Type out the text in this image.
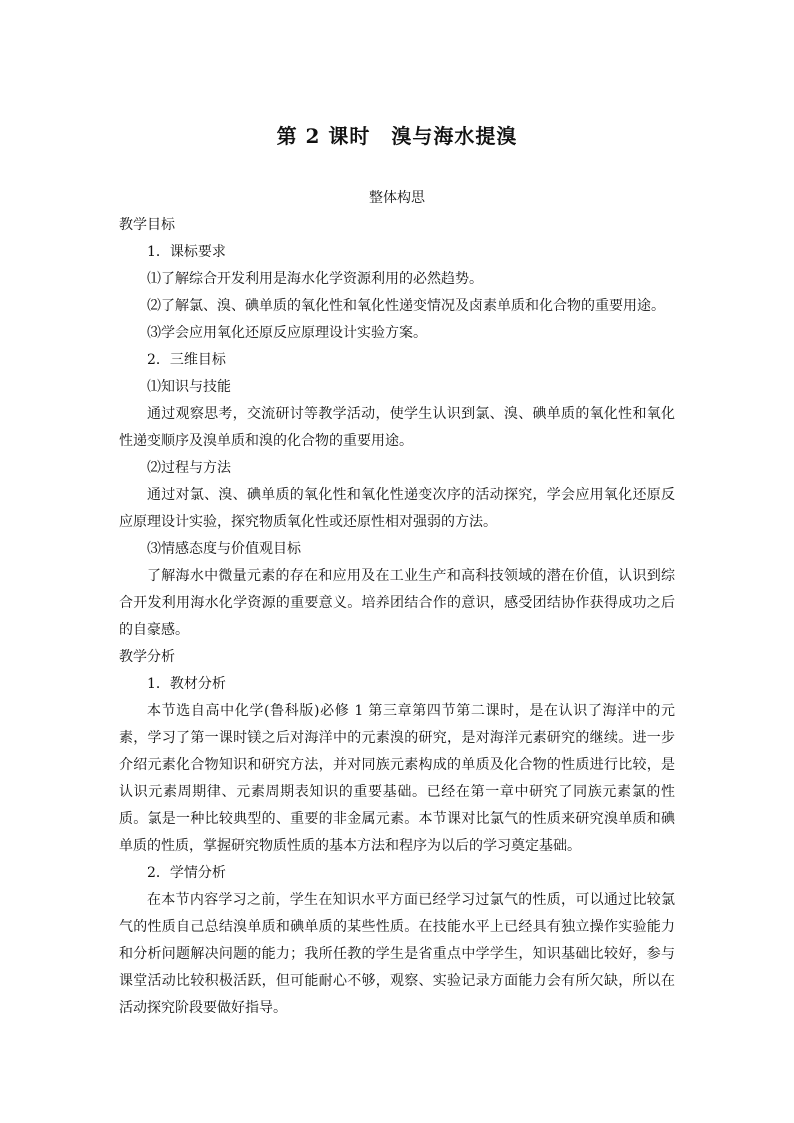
第 2 课时　溴与海水提溴

整体构思

教学目标

1．课标要求

⑴了解综合开发利用是海水化学资源利用的必然趋势。

⑵了解氯、溴、碘单质的氧化性和氧化性递变情况及卤素单质和化合物的重要用途。

⑶学会应用氧化还原反应原理设计实验方案。

2．三维目标

⑴知识与技能

通过观察思考，交流研讨等教学活动，使学生认识到氯、溴、碘单质的氧化性和氧化性递变顺序及溴单质和溴的化合物的重要用途。

⑵过程与方法

通过对氯、溴、碘单质的氧化性和氧化性递变次序的活动探究，学会应用氧化还原反应原理设计实验，探究物质氧化性或还原性相对强弱的方法。

⑶情感态度与价值观目标

了解海水中微量元素的存在和应用及在工业生产和高科技领域的潜在价值，认识到综合开发利用海水化学资源的重要意义。培养团结合作的意识，感受团结协作获得成功之后的自豪感。

教学分析

1．教材分析

本节选自高中化学(鲁科版)必修 1 第三章第四节第二课时，是在认识了海洋中的元素，学习了第一课时镁之后对海洋中的元素溴的研究，是对海洋元素研究的继续。进一步介绍元素化合物知识和研究方法，并对同族元素构成的单质及化合物的性质进行比较，是认识元素周期律、元素周期表知识的重要基础。已经在第一章中研究了同族元素氯的性质。氯是一种比较典型的、重要的非金属元素。本节课对比氯气的性质来研究溴单质和碘单质的性质，掌握研究物质性质的基本方法和程序为以后的学习奠定基础。

2．学情分析

在本节内容学习之前，学生在知识水平方面已经学习过氯气的性质，可以通过比较氯气的性质自己总结溴单质和碘单质的某些性质。在技能水平上已经具有独立操作实验能力和分析问题解决问题的能力；我所任教的学生是省重点中学学生，知识基础比较好，参与课堂活动比较积极活跃，但可能耐心不够，观察、实验记录方面能力会有所欠缺，所以在活动探究阶段要做好指导。
